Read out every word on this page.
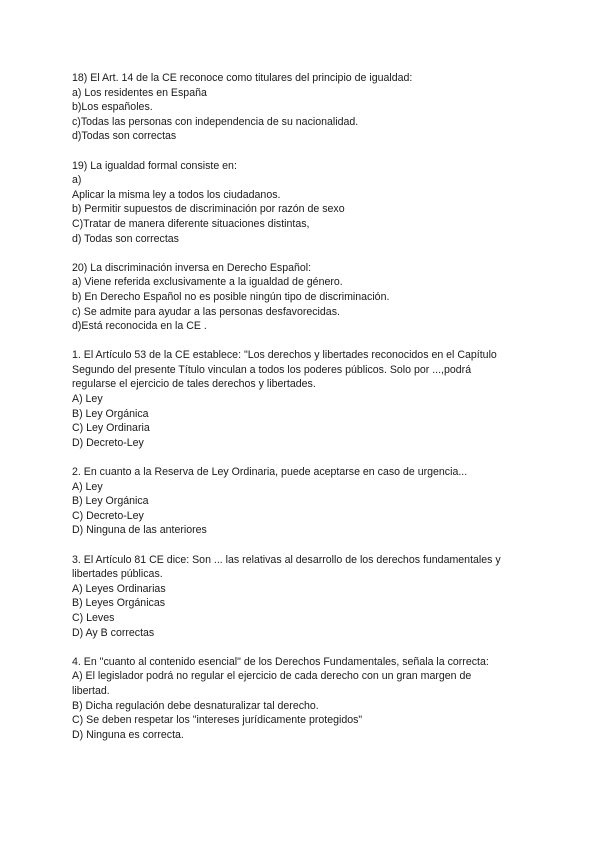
18) El Art. 14 de la CE reconoce como titulares del principio de igualdad:

a) Los residentes en España

b)Los españoles.

c)Todas las personas con independencia de su nacionalidad.

d)Todas son correctas

19) La igualdad formal consiste en:

a)

Aplicar la misma ley a todos los ciudadanos.

b) Permitir supuestos de discriminación por razón de sexo

C)Tratar de manera diferente situaciones distintas,

d) Todas son correctas

20) La discriminación inversa en Derecho Español:

a) Viene referida exclusivamente a la igualdad de género.

b) En Derecho Español no es posible ningún tipo de discriminación.

c) Se admite para ayudar a las personas desfavorecidas.

d)Está reconocida en la CE .

1. El Artículo 53 de la CE establece: "Los derechos y libertades reconocidos en el Capítulo

Segundo del presente Título vinculan a todos los poderes públicos. Solo por ...,podrá

regularse el ejercicio de tales derechos y libertades.

A) Ley

B) Ley Orgánica

C) Ley Ordinaria

D) Decreto-Ley

2. En cuanto a la Reserva de Ley Ordinaria, puede aceptarse en caso de urgencia...

A) Ley

B) Ley Orgánica

C) Decreto-Ley

D) Ninguna de las anteriores

3. El Artículo 81 CE dice: Son ... las relativas al desarrollo de los derechos fundamentales y

libertades públicas.

A) Leyes Ordinarias

B) Leyes Orgánicas

C) Leves

D) Ay B correctas

4. En "cuanto al contenido esencial" de los Derechos Fundamentales, señala la correcta:

A) El legislador podrá no regular el ejercicio de cada derecho con un gran margen de

libertad.

B) Dicha regulación debe desnaturalizar tal derecho.

C) Se deben respetar los "intereses jurídicamente protegidos"

D) Ninguna es correcta.
